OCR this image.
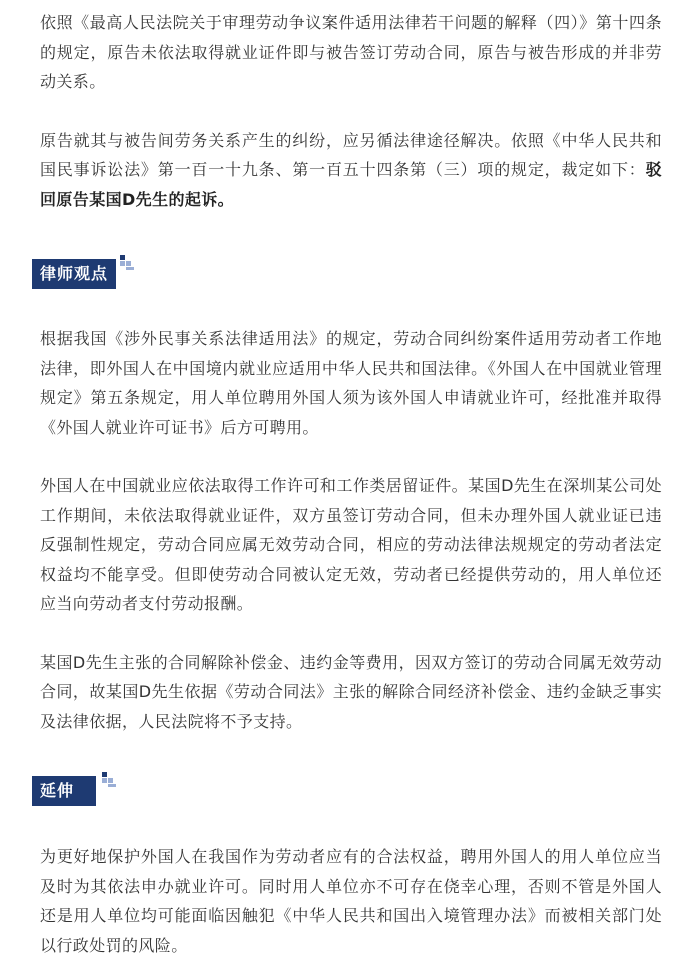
依照《最高人民法院关于审理劳动争议案件适用法律若干问题的解释（四）》第十四条的规定，原告未依法取得就业证件即与被告签订劳动合同，原告与被告形成的并非劳动关系。

原告就其与被告间劳务关系产生的纠纷，应另循法律途径解决。依照《中华人民共和国民事诉讼法》第一百一十九条、第一百五十四条第（三）项的规定，裁定如下：驳回原告某国D先生的起诉。

律师观点

根据我国《涉外民事关系法律适用法》的规定，劳动合同纠纷案件适用劳动者工作地法律，即外国人在中国境内就业应适用中华人民共和国法律。《外国人在中国就业管理规定》第五条规定，用人单位聘用外国人须为该外国人申请就业许可，经批准并取得《外国人就业许可证书》后方可聘用。

外国人在中国就业应依法取得工作许可和工作类居留证件。某国D先生在深圳某公司处工作期间，未依法取得就业证件，双方虽签订劳动合同，但未办理外国人就业证已违反强制性规定，劳动合同应属无效劳动合同，相应的劳动法律法规规定的劳动者法定权益均不能享受。但即使劳动合同被认定无效，劳动者已经提供劳动的，用人单位还应当向劳动者支付劳动报酬。

某国D先生主张的合同解除补偿金、违约金等费用，因双方签订的劳动合同属无效劳动合同，故某国D先生依据《劳动合同法》主张的解除合同经济补偿金、违约金缺乏事实及法律依据，人民法院将不予支持。

延伸

为更好地保护外国人在我国作为劳动者应有的合法权益，聘用外国人的用人单位应当及时为其依法申办就业许可。同时用人单位亦不可存在侥幸心理，否则不管是外国人还是用人单位均可能面临因触犯《中华人民共和国出入境管理办法》而被相关部门处以行政处罚的风险。
